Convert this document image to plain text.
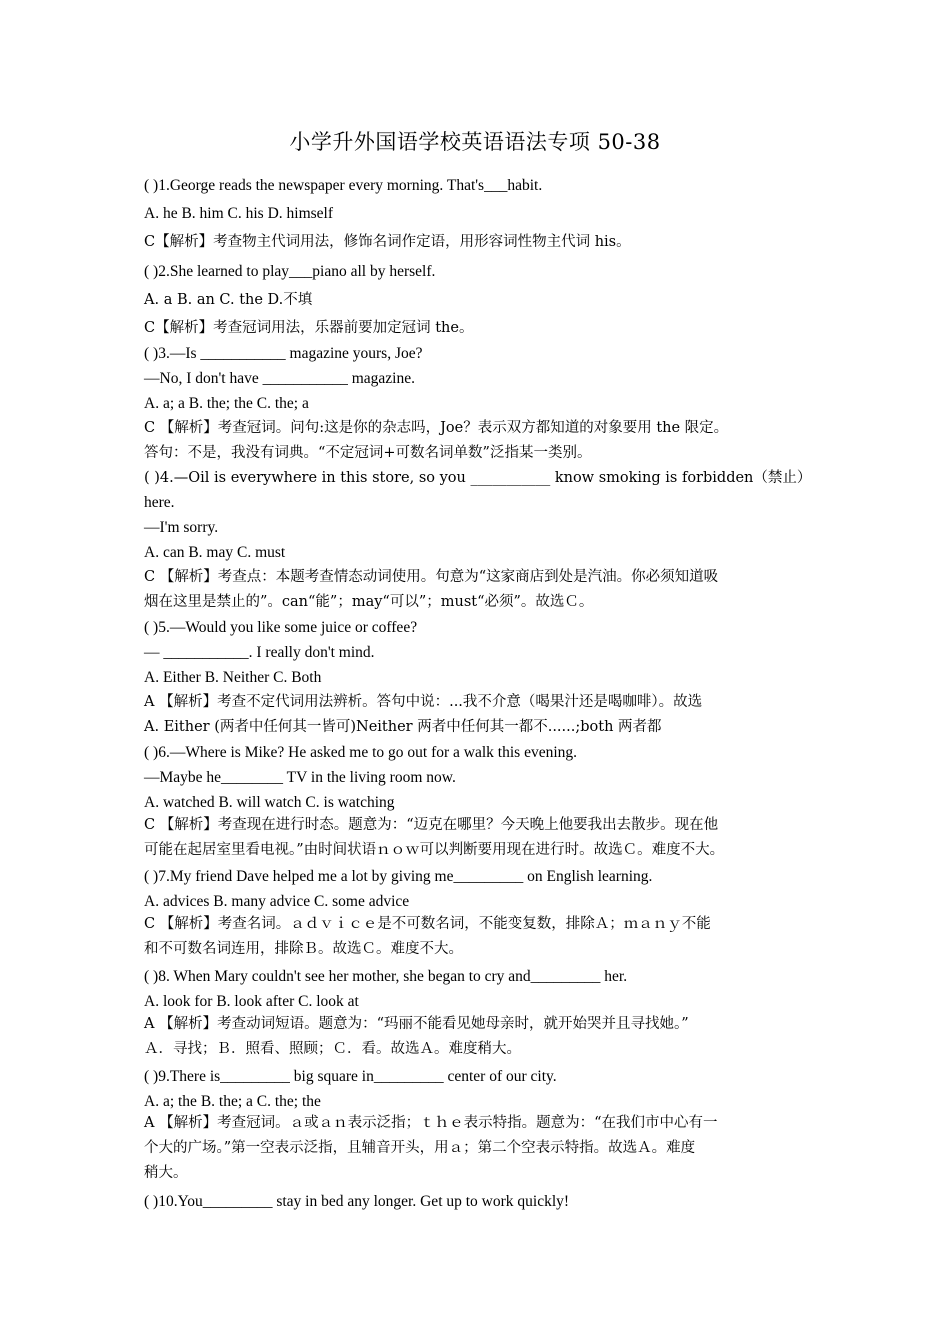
小学升外国语学校英语语法专项 50-38
( )1.George reads the newspaper every morning. That's___habit.
A. he B. him C. his D. himself
C【解析】考查物主代词用法，修饰名词作定语，用形容词性物主代词 his。
( )2.She learned to play___piano all by herself.
A. a B. an C. the D.不填
C【解析】考查冠词用法，乐器前要加定冠词 the。
( )3.—Is ___________ magazine yours, Joe?
—No, I don't have ___________ magazine.
A. a; a B. the; the C. the; a
C 【解析】考查冠词。问句:这是你的杂志吗，Joe？表示双方都知道的对象要用 the 限定。
答句：不是，我没有词典。“不定冠词+可数名词单数”泛指某一类别。
( )4.—Oil is everywhere in this store, so you ___________ know smoking is forbidden（禁止）
here.
—I'm sorry.
A. can B. may C. must
C 【解析】考查点：本题考查情态动词使用。句意为“这家商店到处是汽油。你必须知道吸
烟在这里是禁止的”。can“能”；may“可以”；must“必须”。故选Ｃ。
( )5.—Would you like some juice or coffee?
— ___________. I really don't mind.
A. Either B. Neither C. Both
A 【解析】考查不定代词用法辨析。答句中说：...我不介意（喝果汁还是喝咖啡）。故选
A. Either (两者中任何其一皆可)Neither 两者中任何其一都不......;both 两者都
( )6.—Where is Mike? He asked me to go out for a walk this evening.
—Maybe he________ TV in the living room now.
A. watched B. will watch C. is watching
C 【解析】考查现在进行时态。题意为：“迈克在哪里？今天晚上他要我出去散步。现在他
可能在起居室里看电视。”由时间状语ｎｏｗ可以判断要用现在进行时。故选Ｃ。难度不大。
( )7.My friend Dave helped me a lot by giving me_________ on English learning.
A. advices B. many advice C. some advice
C 【解析】考查名词。ａｄｖｉｃｅ是不可数名词，不能变复数，排除Ａ；ｍａｎｙ不能
和不可数名词连用，排除Ｂ。故选Ｃ。难度不大。
( )8. When Mary couldn't see her mother, she began to cry and_________ her.
A. look for B. look after C. look at
A 【解析】考查动词短语。题意为：“玛丽不能看见她母亲时，就开始哭并且寻找她。”
Ａ．寻找；Ｂ．照看、照顾；Ｃ．看。故选Ａ。难度稍大。
( )9.There is_________ big square in_________ center of our city.
A. a; the B. the; a C. the; the
A 【解析】考查冠词。ａ或ａｎ表示泛指；ｔｈｅ表示特指。题意为：“在我们市中心有一
个大的广场。”第一空表示泛指，且辅音开头，用ａ；第二个空表示特指。故选Ａ。难度
稍大。
( )10.You_________ stay in bed any longer. Get up to work quickly!
